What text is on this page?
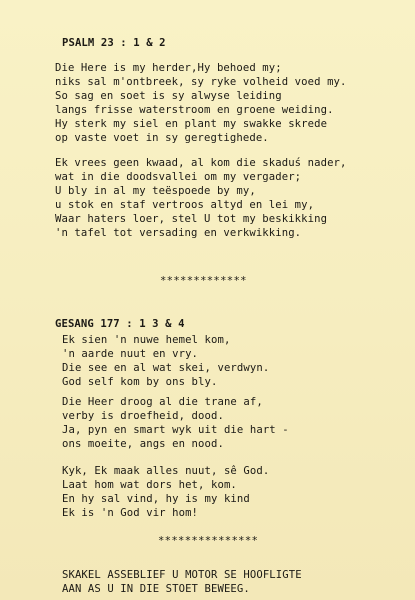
PSALM 23 : 1 & 2
Die Here is my herder,Hy behoed my;
niks sal m'ontbreek, sy ryke volheid voed my.
So sag en soet is sy alwyse leiding
langs frisse waterstroom en groene weiding.
Hy sterk my siel en plant my swakke skrede
op vaste voet in sy geregtighede.
Ek vrees geen kwaad, al kom die skaduś nader,
wat in die doodsvallei om my vergader;
U bly in al my teëspoede by my,
u stok en staf vertroos altyd en lei my,
Waar haters loer, stel U tot my beskikking
'n tafel tot versading en verkwikking.
*************
GESANG 177 : 1 3 & 4
Ek sien 'n nuwe hemel kom,
'n aarde nuut en vry.
Die see en al wat skei, verdwyn.
God self kom by ons bly.
Die Heer droog al die trane af,
verby is droefheid, dood.
Ja, pyn en smart wyk uit die hart -
ons moeite, angs en nood.
Kyk, Ek maak alles nuut, sê God.
Laat hom wat dors het, kom.
En hy sal vind, hy is my kind
Ek is 'n God vir hom!
***************
SKAKEL ASSEBLIEF U MOTOR SE HOOFLIGTE
AAN AS U IN DIE STOET BEWEEG.
